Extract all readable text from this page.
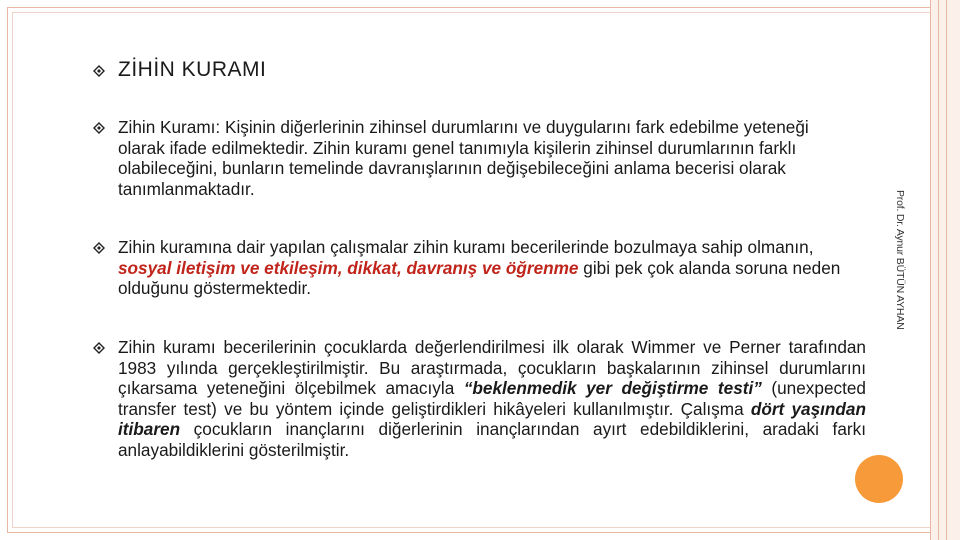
ZİHİN KURAMI

Zihin Kuramı: Kişinin diğerlerinin zihinsel durumlarını ve duygularını fark edebilme yeteneği olarak ifade edilmektedir. Zihin kuramı genel tanımıyla kişilerin zihinsel durumlarının farklı olabileceğini, bunların temelinde davranışlarının değişebileceğini anlama becerisi olarak tanımlanmaktadır.

Zihin kuramına dair yapılan çalışmalar zihin kuramı becerilerinde bozulmaya sahip olmanın, sosyal iletişim ve etkileşim, dikkat, davranış ve öğrenme gibi pek çok alanda soruna neden olduğunu göstermektedir.

Zihin kuramı becerilerinin çocuklarda değerlendirilmesi ilk olarak Wimmer ve Perner tarafından 1983 yılında gerçekleştirilmiştir. Bu araştırmada, çocukların başkalarının zihinsel durumlarını çıkarsama yeteneğini ölçebilmek amacıyla “beklenmedik yer değiştirme testi” (unexpected transfer test) ve bu yöntem içinde geliştirdikleri hikâyeleri kullanılmıştır. Çalışma dört yaşından itibaren çocukların inançlarını diğerlerinin inançlarından ayırt edebildiklerini, aradaki farkı anlayabildiklerini gösterilmiştir.

Prof. Dr. Aynur BÜTÜN AYHAN
